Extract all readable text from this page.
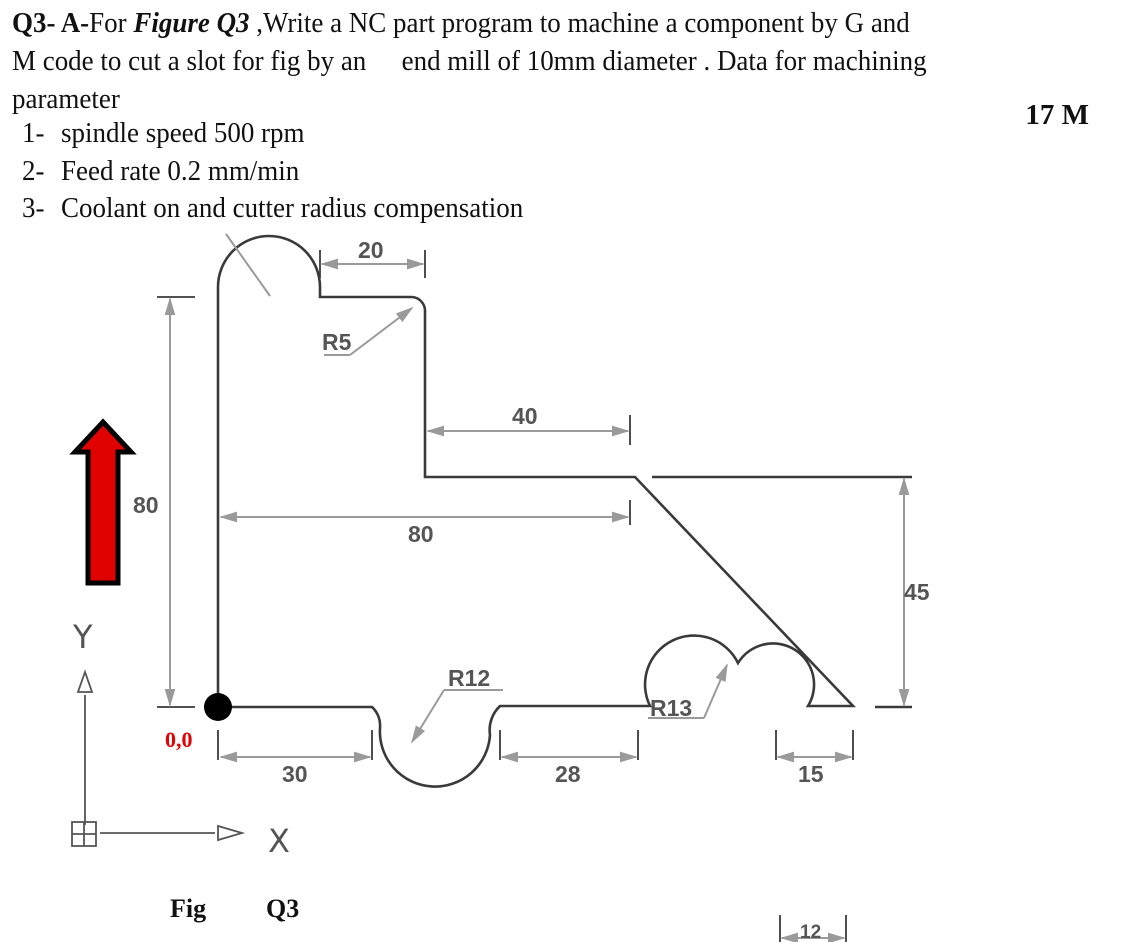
Q3- A-For Figure Q3 ,Write a NC part program to machine a component by G and
M code to cut a slot for fig by an end mill of 10mm diameter . Data for machining
parameter	17 M
1- spindle speed 500 rpm
2- Feed rate 0.2 mm/min
3- Coolant on and cutter radius compensation
20
R5
40
80
80
45
R12
R13
30	28	15
12
0,0
Y
X
Fig Q3
